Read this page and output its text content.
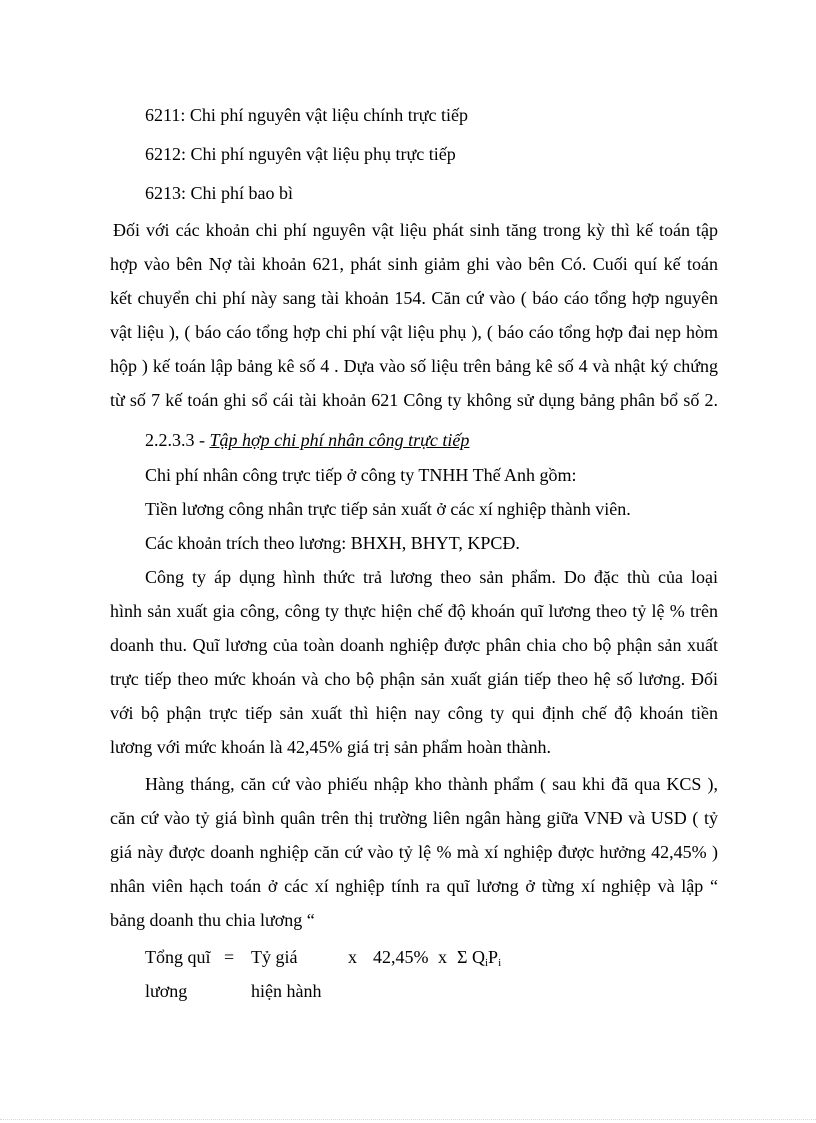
6211: Chi phí nguyên vật liệu chính trực tiếp
6212: Chi phí nguyên vật liệu phụ trực tiếp
6213: Chi phí bao bì
Đối với các khoản chi phí nguyên vật liệu phát sinh tăng trong kỳ thì kế toán tập
hợp vào bên Nợ tài khoản 621, phát sinh giảm ghi vào bên Có. Cuối quí kế toán
kết chuyển chi phí này sang tài khoản 154. Căn cứ vào ( báo cáo tổng hợp nguyên
vật liệu ), ( báo cáo tổng hợp chi phí vật liệu phụ ), ( báo cáo tổng hợp đai nẹp hòm
hộp ) kế toán lập bảng kê số 4 . Dựa vào số liệu trên bảng kê số 4 và nhật ký chứng
từ số 7 kế toán ghi sổ cái tài khoản 621 Công ty không sử dụng bảng phân bổ số 2.
2.2.3.3 - Tập hợp chi phí nhân công trực tiếp
Chi phí nhân công trực tiếp ở công ty TNHH Thế Anh gồm:
Tiền lương công nhân trực tiếp sản xuất ở các xí nghiệp thành viên.
Các khoản trích theo lương: BHXH, BHYT, KPCĐ.
Công ty áp dụng hình thức trả lương theo sản phẩm. Do đặc thù của loại
hình sản xuất gia công, công ty thực hiện chế độ khoán quĩ lương theo tỷ lệ % trên
doanh thu. Quĩ lương của toàn doanh nghiệp được phân chia cho bộ phận sản xuất
trực tiếp theo mức khoán và cho bộ phận sản xuất gián tiếp theo hệ số lương. Đối
với bộ phận trực tiếp sản xuất thì hiện nay công ty qui định chế độ khoán tiền
lương với mức khoán là 42,45% giá trị sản phẩm hoàn thành.
Hàng tháng, căn cứ vào phiếu nhập kho thành phẩm ( sau khi đã qua KCS ),
căn cứ vào tỷ giá bình quân trên thị trường liên ngân hàng giữa VNĐ và USD ( tỷ
giá này được doanh nghiệp căn cứ vào tỷ lệ % mà xí nghiệp được hưởng 42,45% )
nhân viên hạch toán ở các xí nghiệp tính ra quĩ lương ở từng xí nghiệp và lập “
bảng doanh thu chia lương “
Tổng quĩ
lương
= Tỷ giá
hiện hành
x 42,45% x Σ $Q_iP_i$
